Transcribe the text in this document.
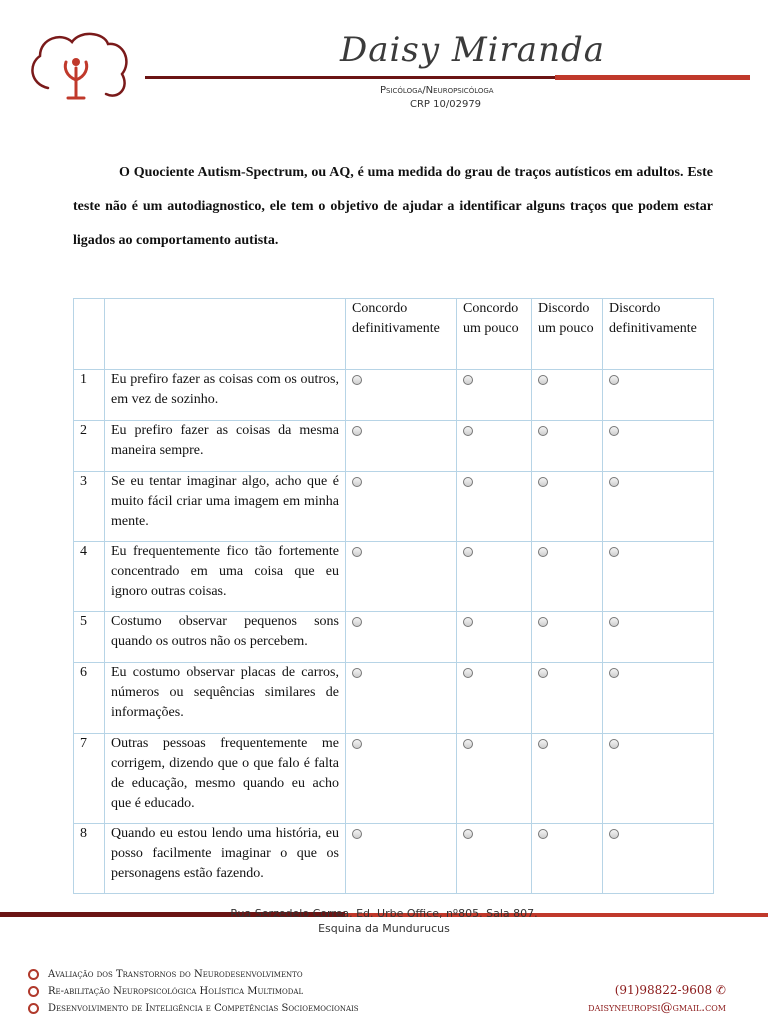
Daisy Miranda
Psicóloga/Neuropsicóloga
CRP 10/02979

O Quociente Autism-Spectrum, ou AQ, é uma medida do grau de traços autísticos em adultos. Este teste não é um autodiagnostico, ele tem o objetivo de ajudar a identificar alguns traços que podem estar ligados ao comportamento autista.

		Concordo definitivamente	Concordo um pouco	Discordo um pouco	Discordo definitivamente
1	Eu prefiro fazer as coisas com os outros, em vez de sozinho.				
2	Eu prefiro fazer as coisas da mesma maneira sempre.				
3	Se eu tentar imaginar algo, acho que é muito fácil criar uma imagem em minha mente.				
4	Eu frequentemente fico tão fortemente concentrado em uma coisa que eu ignoro outras coisas.				
5	Costumo observar pequenos sons quando os outros não os percebem.				
6	Eu costumo observar placas de carros, números ou sequências similares de informações.				
7	Outras pessoas frequentemente me corrigem, dizendo que o que falo é falta de educação, mesmo quando eu acho que é educado.				
8	Quando eu estou lendo uma história, eu posso facilmente imaginar o que os personagens estão fazendo.				
Rua Serzedelo Correa. Ed. Urbe Office, nº805. Sala 807.
Esquina da Mundurucus
Avaliação dos Transtornos do Neurodesenvolvimento
Re-abilitação Neuropsicológica Holística Multimodal
Desenvolvimento de Inteligência e Competências Socioemocionais
(91)98822-9608 ✆
daisyneuropsi@gmail.com
